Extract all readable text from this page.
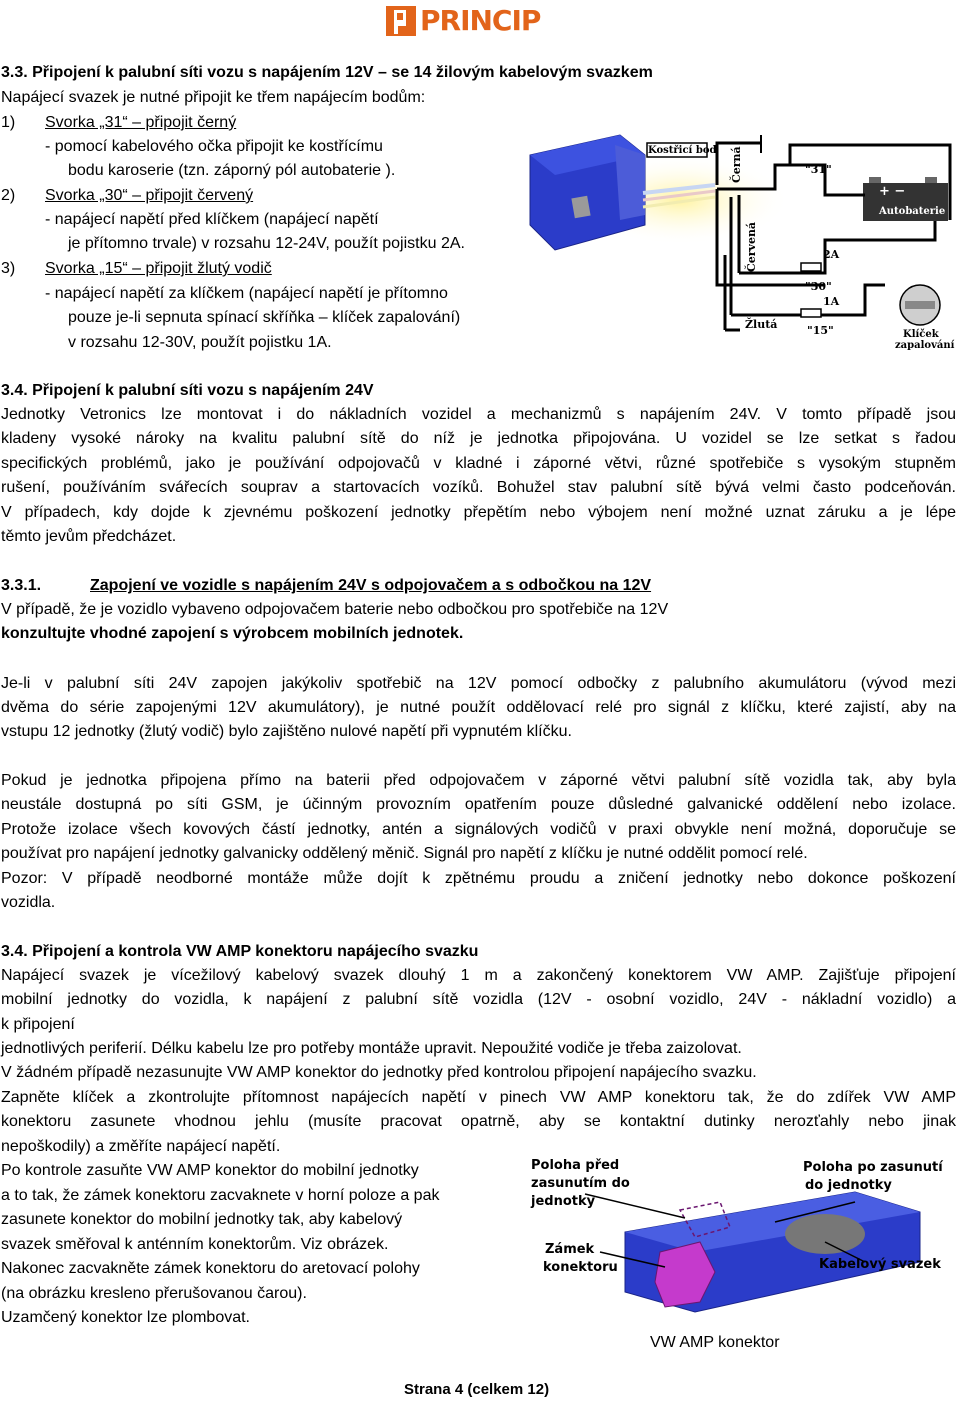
PRINCIP
3.3. Připojení k palubní síti vozu s napájením 12V – se 14 žilovým kabelovým svazkem
Napájecí svazek je nutné připojit ke třem napájecím bodům:
1) Svorka „31“ – připojit černý
- pomocí kabelového očka připojit ke kostřícímu
bodu karoserie (tzn. záporný pól autobaterie ).
2) Svorka „30“ – připojit červený
- napájecí napětí před klíčkem (napájecí napětí
je přítomno trvale) v rozsahu 12-24V, použít pojistku 2A.
3) Svorka „15“ – připojit žlutý vodič
- napájecí napětí za klíčkem (napájecí napětí je přítomno
pouze je-li sepnuta spínací skříňka – klíček zapalování)
v rozsahu 12-30V, použít pojistku 1A.
Kostřicí bod Černá
Červená
Žlutá
"31"
Autobaterie
+ −
2A
"30"
1A
"15"	Klíček
zapalování
3.4. Připojení k palubní síti vozu s napájením 24V
Jednotky Vetronics lze montovat i do nákladních vozidel a mechanizmů s napájením 24V. V tomto případě jsou
kladeny vysoké nároky na kvalitu palubní sítě do níž je jednotka připojována. U vozidel se lze setkat s řadou
specifických problémů, jako je používání odpojovačů v kladné i záporné větvi, různé spotřebiče s vysokým stupněm
rušení, používáním svářecích souprav a startovacích vozíků. Bohužel stav palubní sítě bývá velmi často podceňován.
V případech, kdy dojde k zjevnému poškození jednotky přepětím nebo výbojem není možné uznat záruku a je lépe
těmto jevům předcházet.
3.3.1.	Zapojení ve vozidle s napájením 24V s odpojovačem a s odbočkou na 12V
V případě, že je vozidlo vybaveno odpojovačem baterie nebo odbočkou pro spotřebiče na 12V
konzultujte vhodné zapojení s výrobcem mobilních jednotek.
Je-li v palubní síti 24V zapojen jakýkoliv spotřebič na 12V pomocí odbočky z palubního akumulátoru (vývod mezi
dvěma do série zapojenými 12V akumulátory), je nutné použít oddělovací relé pro signál z klíčku, které zajistí, aby na
vstupu 12 jednotky (žlutý vodič) bylo zajištěno nulové napětí při vypnutém klíčku.
Pokud je jednotka připojena přímo na baterii před odpojovačem v záporné větvi palubní sítě vozidla tak, aby byla
neustále dostupná po síti GSM, je účinným provozním opatřením pouze důsledné galvanické oddělení nebo izolace.
Protože izolace všech kovových částí jednotky, antén a signálových vodičů v praxi obvykle není možná, doporučuje se
používat pro napájení jednotky galvanicky oddělený měnič. Signál pro napětí z klíčku je nutné oddělit pomocí relé.
Pozor: V případě neodborné montáže může dojít k zpětnému proudu a zničení jednotky nebo dokonce poškození
vozidla.
3.4. Připojení a kontrola VW AMP konektoru napájecího svazku
Napájecí svazek je vícežilový kabelový svazek dlouhý 1 m a zakončený konektorem VW AMP. Zajišťuje připojení
mobilní jednotky do vozidla, k napájení z palubní sítě vozidla (12V - osobní vozidlo, 24V - nákladní vozidlo) a
k připojení
jednotlivých periferií. Délku kabelu lze pro potřeby montáže upravit. Nepoužité vodiče je třeba zaizolovat.
V žádném případě nezasunujte VW AMP konektor do jednotky před kontrolou připojení napájecího svazku.
Zapněte klíček a zkontrolujte přítomnost napájecích napětí v pinech VW AMP konektoru tak, že do zdířek VW AMP
konektoru zasunete vhodnou jehlu (musíte pracovat opatrně, aby se kontaktní dutinky nerozťahly nebo jinak
nepoškodily) a změříte napájecí napětí.
Po kontrole zasuňte VW AMP konektor do mobilní jednotky
a to tak, že zámek konektoru zacvaknete v horní poloze a pak
zasunete konektor do mobilní jednotky tak, aby kabelový
svazek směřoval k anténním konektorům. Viz obrázek.
Nakonec zacvakněte zámek konektoru do aretovací polohy
(na obrázku kresleno přerušovanou čarou).
Uzamčený konektor lze plombovat.
Poloha před
zasunutím do
jednotky
Poloha po zasunutí
do jednotky
Zámek
konektoru	Kabelový svazek
VW AMP konektor
Strana 4 (celkem 12)
